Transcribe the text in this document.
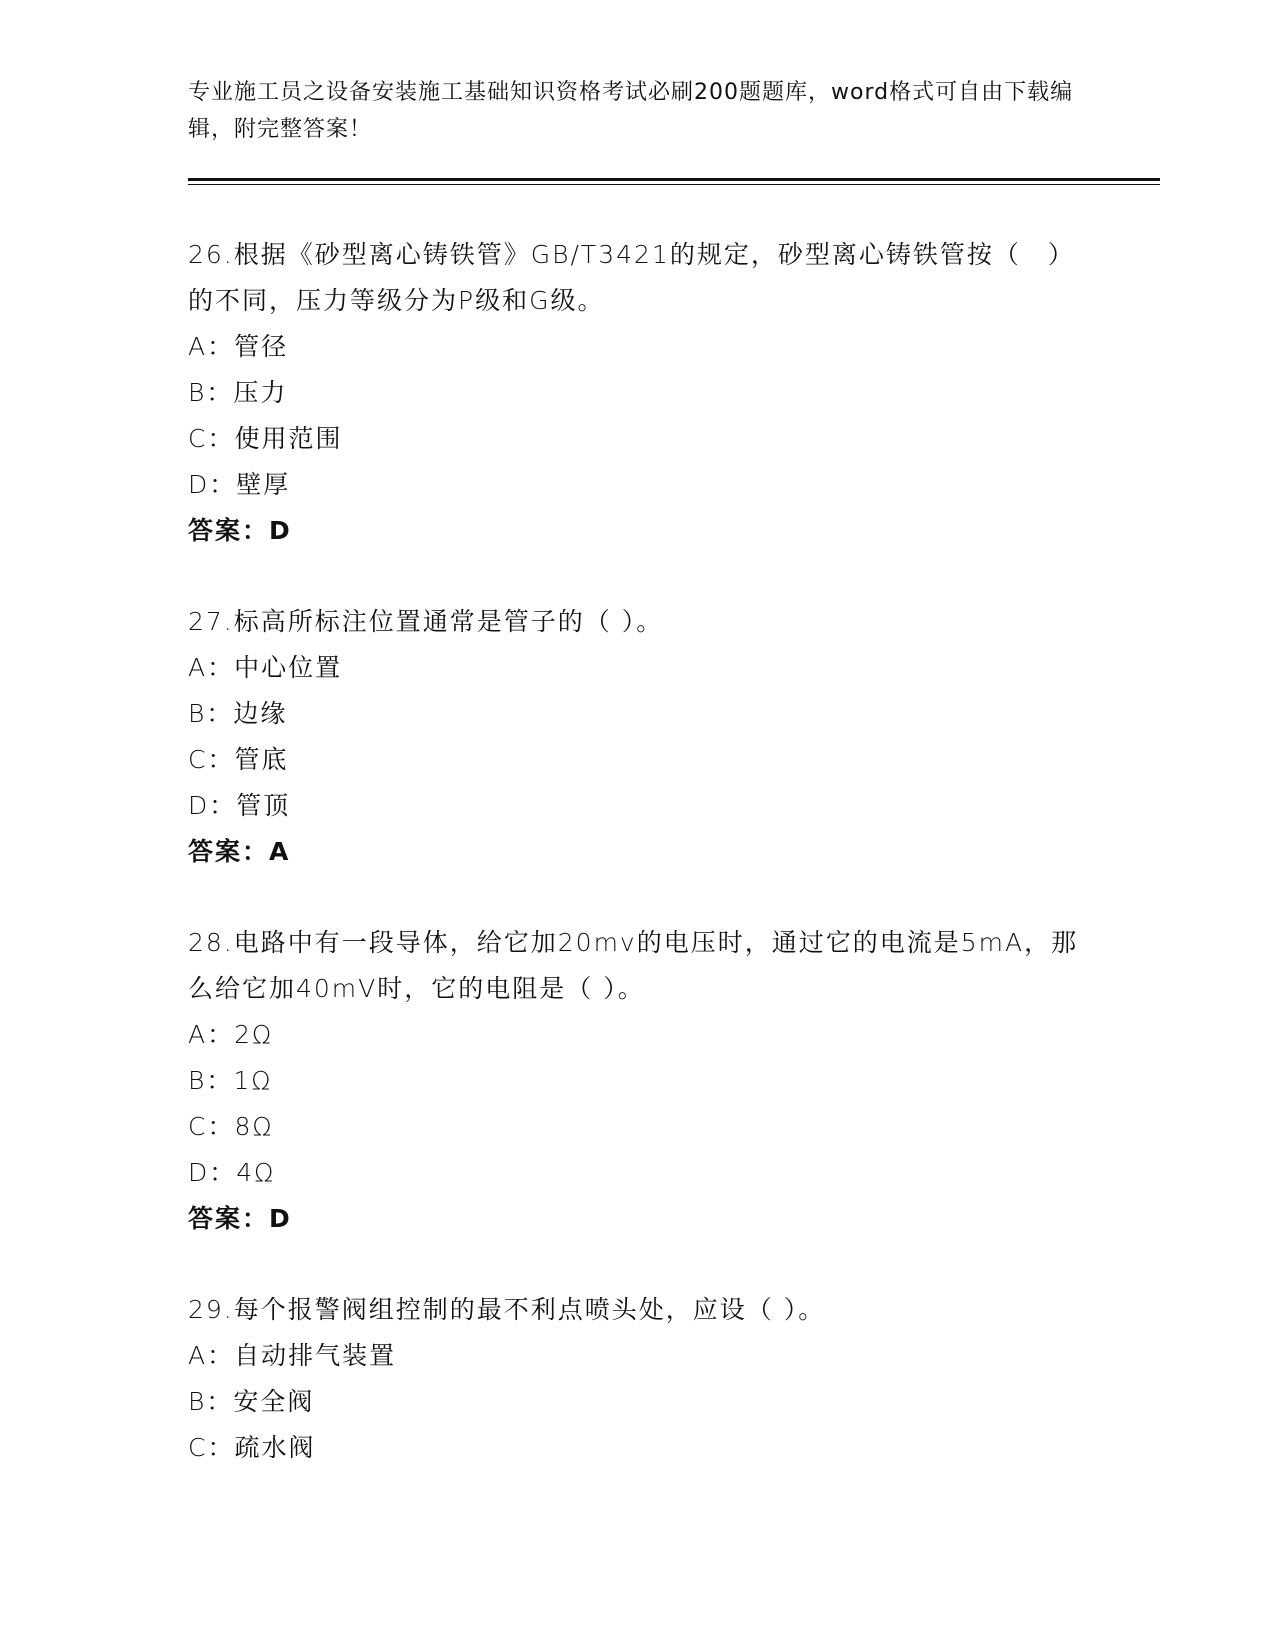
专业施工员之设备安装施工基础知识资格考试必刷200题题库，word格式可自由下载编辑，附完整答案！
26.根据《砂型离心铸铁管》GB/T3421的规定，砂型离心铸铁管按（　）的不同，压力等级分为P级和G级。
A：管径
B：压力
C：使用范围
D：壁厚
答案：D
27.标高所标注位置通常是管子的（ ）。
A：中心位置
B：边缘
C：管底
D：管顶
答案：A
28.电路中有一段导体，给它加20mv的电压时，通过它的电流是5mA，那么给它加40mV时，它的电阻是（ ）。
A：2Ω
B：1Ω
C：8Ω
D：4Ω
答案：D
29.每个报警阀组控制的最不利点喷头处，应设（ ）。
A：自动排气装置
B：安全阀
C：疏水阀
